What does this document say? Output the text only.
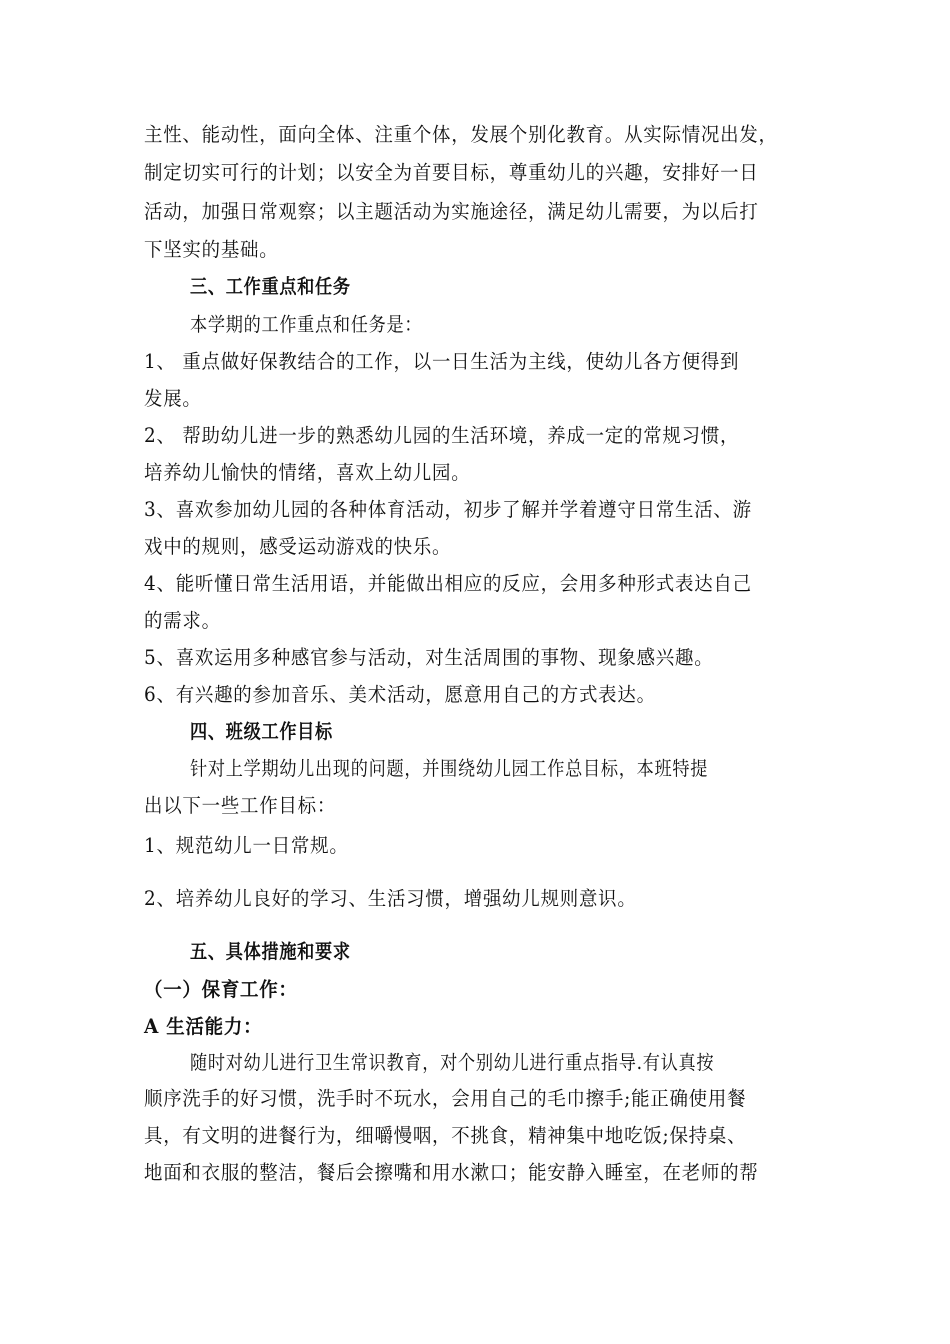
主性、能动性，面向全体、注重个体，发展个别化教育。从实际情况出发，
制定切实可行的计划；以安全为首要目标，尊重幼儿的兴趣，安排好一日
活动，加强日常观察；以主题活动为实施途径，满足幼儿需要，为以后打
下坚实的基础。
三、工作重点和任务
本学期的工作重点和任务是：
1、 重点做好保教结合的工作，以一日生活为主线，使幼儿各方便得到
发展。
2、 帮助幼儿进一步的熟悉幼儿园的生活环境，养成一定的常规习惯，
培养幼儿愉快的情绪，喜欢上幼儿园。
3、喜欢参加幼儿园的各种体育活动，初步了解并学着遵守日常生活、游
戏中的规则，感受运动游戏的快乐。
4、能听懂日常生活用语，并能做出相应的反应，会用多种形式表达自己
的需求。
5、喜欢运用多种感官参与活动，对生活周围的事物、现象感兴趣。
6、有兴趣的参加音乐、美术活动，愿意用自己的方式表达。
四、班级工作目标
针对上学期幼儿出现的问题，并围绕幼儿园工作总目标，本班特提
出以下一些工作目标：
1、规范幼儿一日常规。
2、培养幼儿良好的学习、生活习惯，增强幼儿规则意识。
五、具体措施和要求
（一）保育工作：
A 生活能力：
随时对幼儿进行卫生常识教育，对个别幼儿进行重点指导.有认真按
顺序洗手的好习惯，洗手时不玩水，会用自己的毛巾擦手;能正确使用餐
具，有文明的进餐行为，细嚼慢咽，不挑食，精神集中地吃饭;保持桌、
地面和衣服的整洁，餐后会擦嘴和用水漱口；能安静入睡室，在老师的帮
